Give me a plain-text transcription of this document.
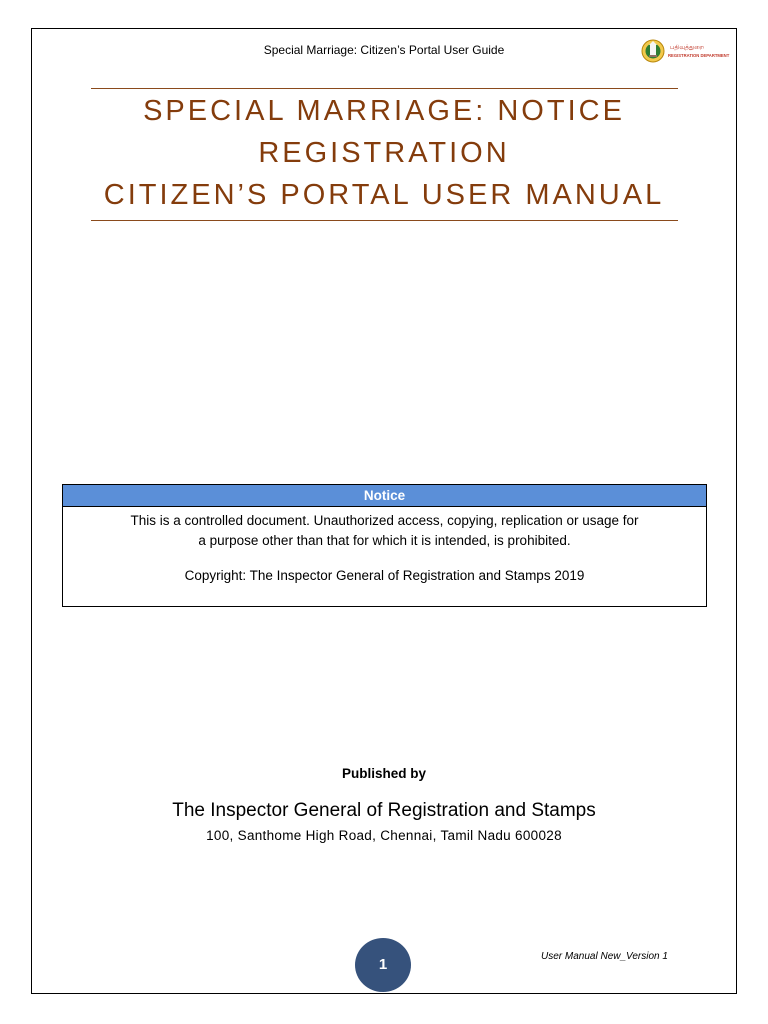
Special Marriage: Citizen’s Portal User Guide	பதிவுத்துறை
REGISTRATION DEPARTMENT
SPECIAL MARRIAGE: NOTICE
REGISTRATION
CITIZEN’S PORTAL USER MANUAL
Notice
This is a controlled document. Unauthorized access, copying, replication or usage for
a purpose other than that for which it is intended, is prohibited.
Copyright: The Inspector General of Registration and Stamps 2019
Published by
The Inspector General of Registration and Stamps
100, Santhome High Road, Chennai, Tamil Nadu 600028
1	User Manual New_Version 1
